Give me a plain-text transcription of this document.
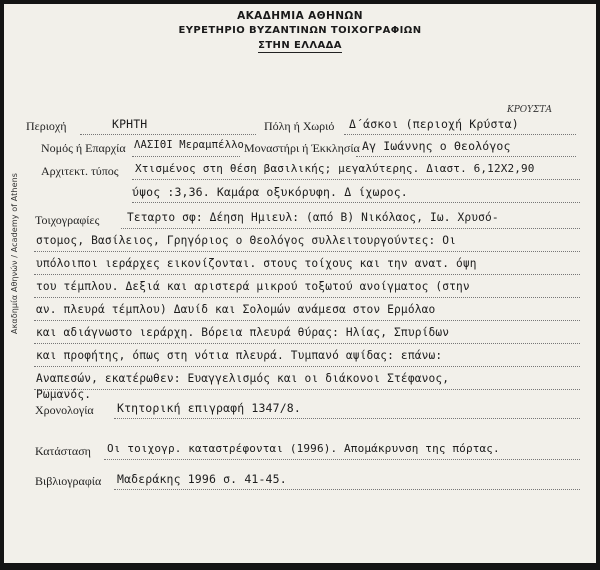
Ακαδημία Αθηνών / Academy of Athens
ΑΚΑΔΗΜΙΑ ΑΘΗΝΩΝ
ΕΥΡΕΤΗΡΙΟ ΒΥΖΑΝΤΙΝΩΝ ΤΟΙΧΟΓΡΑΦΙΩΝ
ΣΤΗΝ ΕΛΛΑΔΑ
Περιοχή	ΚΡΗΤΗ	Πόλη ή Χωριό Δ΄άσκοι (περιοχή Κρύστα)
ΚΡΟΥΣΤΑ
Νομός ή Επαρχία ΛΑΣΙΘΙ Μεραμπέλλο Μοναστήρι ή Έκκλησία Αγ Ιωάννης ο Θεολόγος
Αρχιτεκτ. τύπος Χτισμένος στη θέση βασιλικής; μεγαλύτερης. Διαστ. 6,12Χ2,90
ύψος :3,36. Καμάρα οξυκόρυφη. Δ ίχωρος.
Τοιχογραφίες Τεταρτο σφ: Δέηση Ημιευλ: (από Β) Νικόλαος, Ιω. Χρυσό-
στομος, Βασίλειος, Γρηγόριος ο Θεολόγος συλλειτουργούντες: Οι
υπόλοιποι ιεράρχες εικονίζονται. στους τοίχους και την ανατ. όψη
του τέμπλου. Δεξιά και αριστερά μικρού τοξωτού ανοίγματος (στην
αν. πλευρά τέμπλου) Δαυίδ και Σολομών ανάμεσα στον Ερμόλαο
και αδιάγνωστο ιεράρχη. Βόρεια πλευρά θύρας: Ηλίας, Σπυρίδων
και προφήτης, όπως στη νότια πλευρά. Τυμπανό αψίδας: επάνω:
Αναπεσών, εκατέρωθεν: Ευαγγελισμός και οι διάκονοι Στέφανος,
Ρωμανός.
Χρονολογία Κτητορική επιγραφή 1347/8.
Κατάσταση Οι τοιχογρ. καταστρέφονται (1996). Απομάκρυνση της πόρτας.
Βιβλιογραφία Μαδεράκης 1996 σ. 41-45.
